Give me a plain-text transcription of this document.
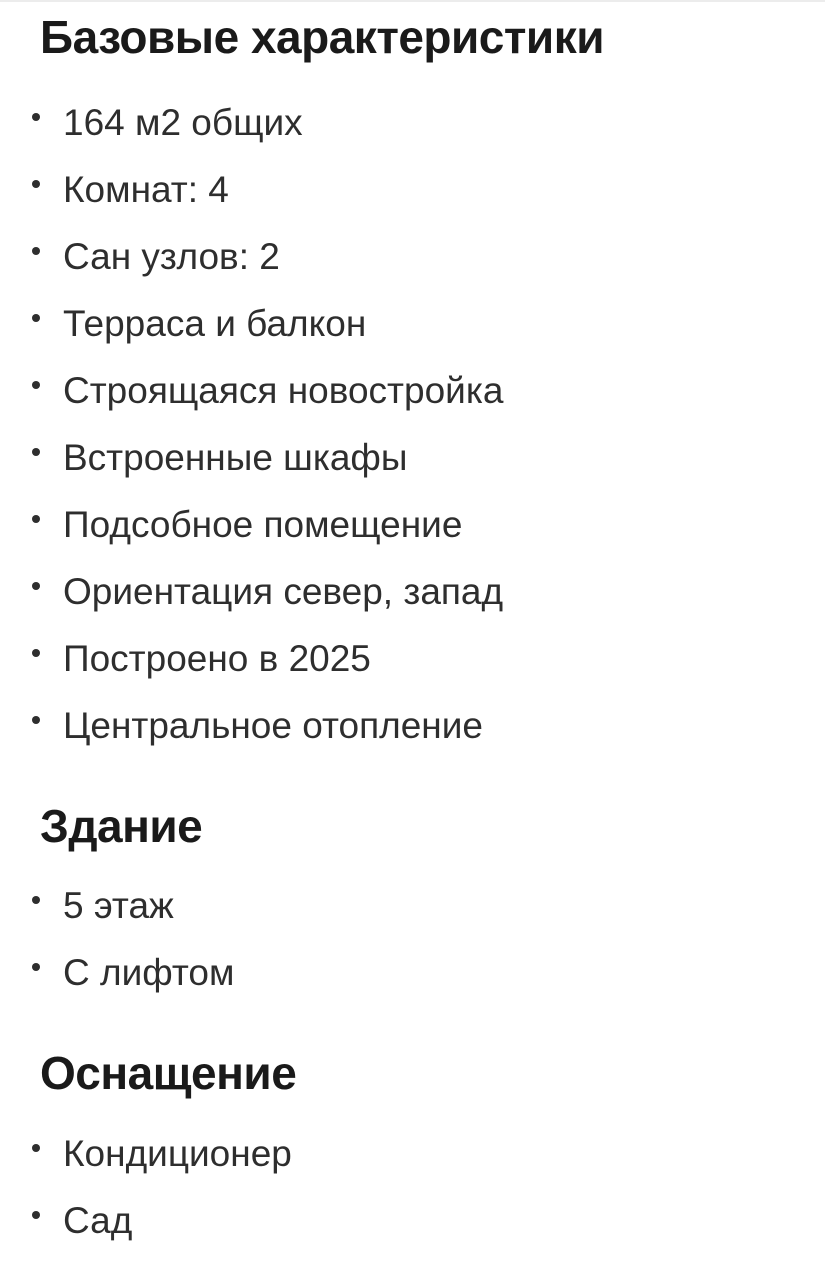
Базовые характеристики
164 м2 общих
Комнат: 4
Сан узлов: 2
Терраса и балкон
Строящаяся новостройка
Встроенные шкафы
Подсобное помещение
Ориентация север, запад
Построено в 2025
Центральное отопление
Здание
5 этаж
С лифтом
Оснащение
Кондиционер
Сад
